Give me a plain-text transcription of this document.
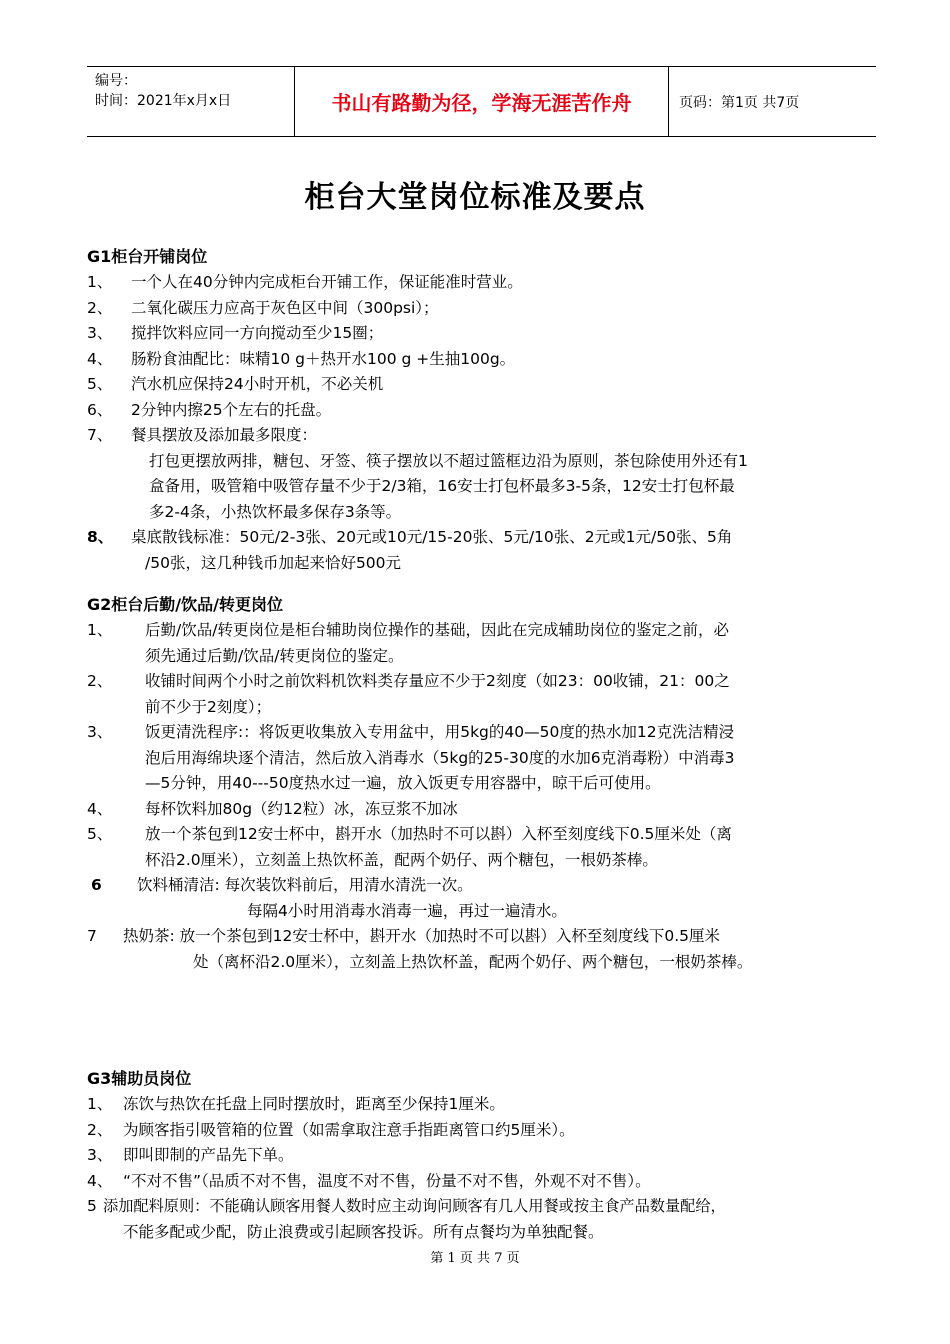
编号：
时间：2021年x月x日	书山有路勤为径，学海无涯苦作舟	页码：第1页 共7页
柜台大堂岗位标准及要点
G1柜台开铺岗位
1、 一个人在40分钟内完成柜台开铺工作，保证能准时营业。
2、 二氧化碳压力应高于灰色区中间（300psi）；
3、 搅拌饮料应同一方向搅动至少15圈；
4、 肠粉食油配比：味精10 g＋热开水100 g +生抽100g。
5、 汽水机应保持24小时开机，不必关机
6、 2分钟内擦25个左右的托盘。
7、 餐具摆放及添加最多限度：
打包更摆放两排，糖包、牙签、筷子摆放以不超过篮框边沿为原则，茶包除使用外还有1
盒备用，吸管箱中吸管存量不少于2/3箱，16安士打包杯最多3-5条，12安士打包杯最
多2-4条，小热饮杯最多保存3条等。
8、 桌底散钱标准：50元/2-3张、20元或10元/15-20张、5元/10张、2元或1元/50张、5角
/50张，这几种钱币加起来恰好500元
G2柜台后勤/饮品/转更岗位
1、 后勤/饮品/转更岗位是柜台辅助岗位操作的基础，因此在完成辅助岗位的鉴定之前，必
须先通过后勤/饮品/转更岗位的鉴定。
2、 收铺时间两个小时之前饮料机饮料类存量应不少于2刻度（如23：00收铺，21：00之
前不少于2刻度）；
3、 饭更清洗程序:：将饭更收集放入专用盆中，用5kg的40—50度的热水加12克洗洁精浸
泡后用海绵块逐个清洁，然后放入消毒水（5kg的25-30度的水加6克消毒粉）中消毒3
—5分钟，用40---50度热水过一遍，放入饭更专用容器中，晾干后可使用。
4、 每杯饮料加80g（约12粒）冰，冻豆浆不加冰
5、 放一个茶包到12安士杯中，斟开水（加热时不可以斟）入杯至刻度线下0.5厘米处（离
杯沿2.0厘米），立刻盖上热饮杯盖，配两个奶仔、两个糖包，一根奶茶棒。
6 饮料桶清洁: 每次装饮料前后，用清水清洗一次。
每隔4小时用消毒水消毒一遍，再过一遍清水。
7 热奶茶: 放一个茶包到12安士杯中，斟开水（加热时不可以斟）入杯至刻度线下0.5厘米
处（离杯沿2.0厘米），立刻盖上热饮杯盖，配两个奶仔、两个糖包，一根奶茶棒。
G3辅助员岗位
1、 冻饮与热饮在托盘上同时摆放时，距离至少保持1厘米。
2、 为顾客指引吸管箱的位置（如需拿取注意手指距离管口约5厘米）。
3、 即叫即制的产品先下单。
4、 “不对不售”（品质不对不售，温度不对不售，份量不对不售，外观不对不售）。
5 添加配料原则：不能确认顾客用餐人数时应主动询问顾客有几人用餐或按主食产品数量配给，
不能多配或少配，防止浪费或引起顾客投诉。所有点餐均为单独配餐。
第 1 页 共 7 页
